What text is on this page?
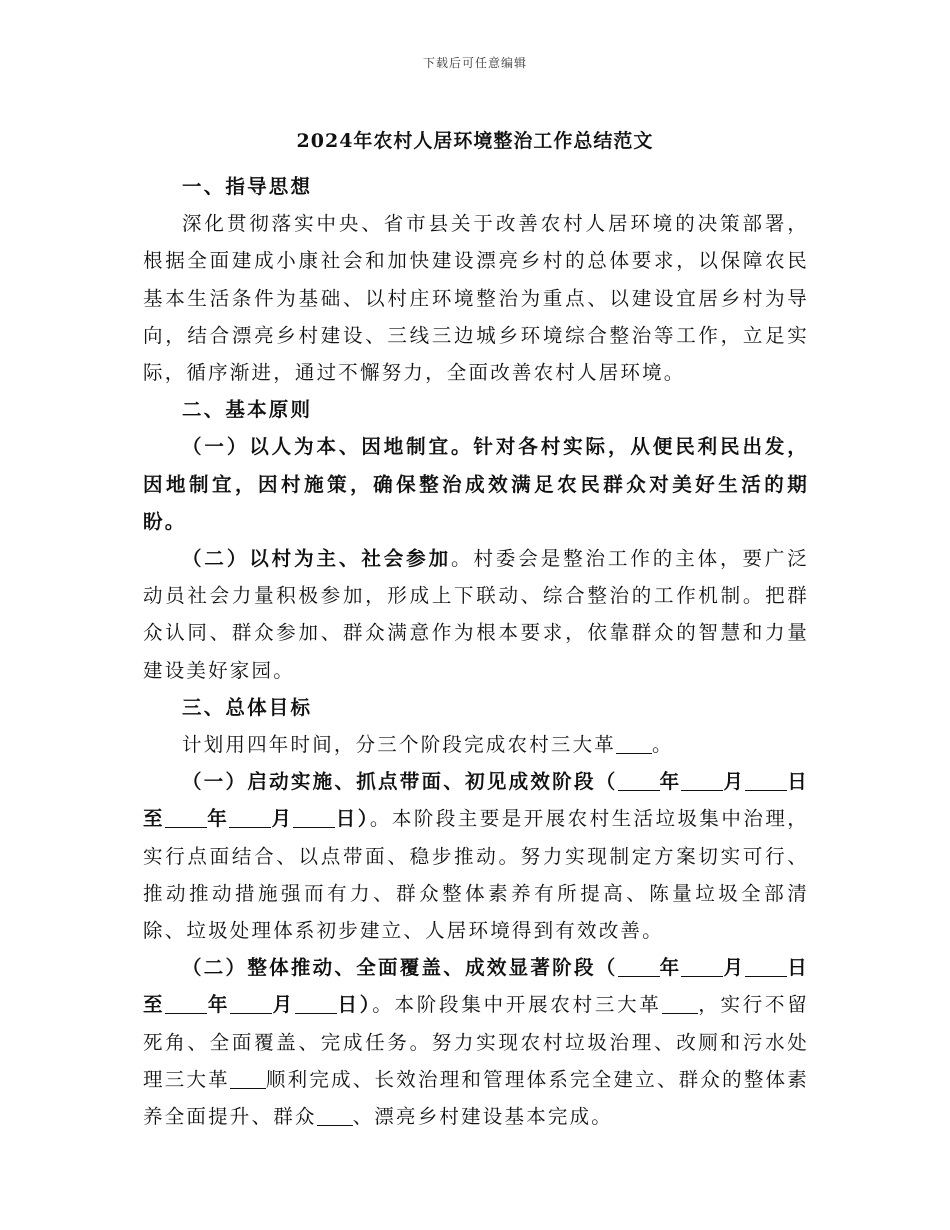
下载后可任意编辑
2024年农村人居环境整治工作总结范文

一、指导思想

深化贯彻落实中央、省市县关于改善农村人居环境的决策部署，根据全面建成小康社会和加快建设漂亮乡村的总体要求，以保障农民基本生活条件为基础、以村庄环境整治为重点、以建设宜居乡村为导向，结合漂亮乡村建设、三线三边城乡环境综合整治等工作，立足实际，循序渐进，通过不懈努力，全面改善农村人居环境。

二、基本原则

（一）以人为本、因地制宜。针对各村实际，从便民利民出发，因地制宜，因村施策，确保整治成效满足农民群众对美好生活的期盼。

（二）以村为主、社会参加。村委会是整治工作的主体，要广泛动员社会力量积极参加，形成上下联动、综合整治的工作机制。把群众认同、群众参加、群众满意作为根本要求，依靠群众的智慧和力量建设美好家园。

三、总体目标

计划用四年时间，分三个阶段完成农村三大革 。

（一）启动实施、抓点带面、初见成效阶段（ 年 月 日至 年 月 日）。本阶段主要是开展农村生活垃圾集中治理，实行点面结合、以点带面、稳步推动。努力实现制定方案切实可行、推动推动措施强而有力、群众整体素养有所提高、陈量垃圾全部清除、垃圾处理体系初步建立、人居环境得到有效改善。

（二）整体推动、全面覆盖、成效显著阶段（ 年 月 日至 年 月 日）。本阶段集中开展农村三大革 ，实行不留死角、全面覆盖、完成任务。努力实现农村垃圾治理、改厕和污水处理三大革 顺利完成、长效治理和管理体系完全建立、群众的整体素养全面提升、群众 、漂亮乡村建设基本完成。
